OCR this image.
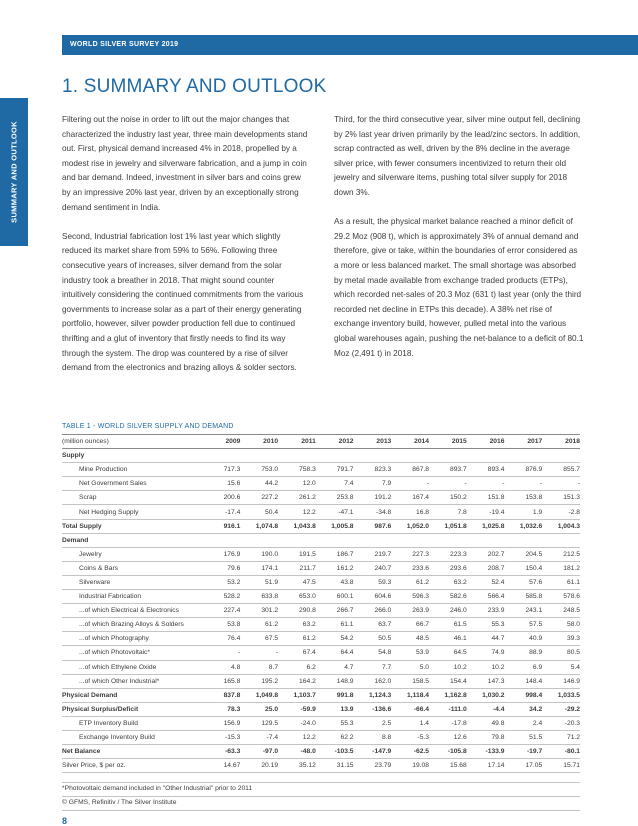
SUMMARY AND OUTLOOK
WORLD SILVER SURVEY 2019
1. SUMMARY AND OUTLOOK

Filtering out the noise in order to lift out the major changes that characterized the industry last year, three main developments stand out. First, physical demand increased 4% in 2018, propelled by a modest rise in jewelry and silverware fabrication, and a jump in coin and bar demand. Indeed, investment in silver bars and coins grew by an impressive 20% last year, driven by an exceptionally strong demand sentiment in India.

Second, Industrial fabrication lost 1% last year which slightly reduced its market share from 59% to 56%. Following three consecutive years of increases, silver demand from the solar industry took a breather in 2018. That might sound counter intuitively considering the continued commitments from the various governments to increase solar as a part of their energy generating portfolio, however, silver powder production fell due to continued thrifting and a glut of inventory that firstly needs to find its way through the system. The drop was countered by a rise of silver demand from the electronics and brazing alloys & solder sectors.

Third, for the third consecutive year, silver mine output fell, declining by 2% last year driven primarily by the lead/zinc sectors. In addition, scrap contracted as well, driven by the 8% decline in the average silver price, with fewer consumers incentivized to return their old jewelry and silverware items, pushing total silver supply for 2018 down 3%.

As a result, the physical market balance reached a minor deficit of 29.2 Moz (908 t), which is approximately 3% of annual demand and therefore, give or take, within the boundaries of error considered as a more or less balanced market. The small shortage was absorbed by metal made available from exchange traded products (ETPs), which recorded net-sales of 20.3 Moz (631 t) last year (only the third recorded net decline in ETPs this decade). A 38% net rise of exchange inventory build, however, pulled metal into the various global warehouses again, pushing the net-balance to a deficit of 80.1 Moz (2,491 t) in 2018.

TABLE 1 - WORLD SILVER SUPPLY AND DEMAND
(million ounces)	2009	2010	2011	2012	2013	2014	2015	2016	2017	2018
Supply										
Mine Production	717.3	753.0	758.3	791.7	823.3	867.8	893.7	893.4	876.9	855.7
Net Government Sales	15.6	44.2	12.0	7.4	7.9	-	-	-	-	-
Scrap	200.6	227.2	261.2	253.8	191.2	167.4	150.2	151.8	153.8	151.3
Net Hedging Supply	-17.4	50.4	12.2	-47.1	-34.8	16.8	7.8	-19.4	1.9	-2.8
Total Supply	916.1	1,074.8	1,043.8	1,005.8	987.6	1,052.0	1,051.8	1,025.8	1,032.6	1,004.3
Demand										
Jewelry	176.9	190.0	191.5	186.7	219.7	227.3	223.3	202.7	204.5	212.5
Coins & Bars	79.6	174.1	211.7	161.2	240.7	233.6	293.6	208.7	150.4	181.2
Silverware	53.2	51.9	47.5	43.8	59.3	61.2	63.2	52.4	57.6	61.1
Industrial Fabrication	528.2	633.8	653.0	600.1	604.6	596.3	582.6	566.4	585.8	578.6
...of which Electrical & Electronics	227.4	301.2	290.8	266.7	266.0	263.9	246.0	233.9	243.1	248.5
...of which Brazing Alloys & Solders	53.8	61.2	63.2	61.1	63.7	66.7	61.5	55.3	57.5	58.0
...of which Photography	76.4	67.5	61.2	54.2	50.5	48.5	46.1	44.7	40.9	39.3
...of which Photovoltaic*	-	-	67.4	64.4	54.8	53.9	64.5	74.9	88.9	80.5
...of which Ethylene Oxide	4.8	8.7	6.2	4.7	7.7	5.0	10.2	10.2	6.9	5.4
...of which Other Industrial*	165.8	195.2	164.2	148.9	162.0	158.5	154.4	147.3	148.4	146.9
Physical Demand	837.8	1,049.8	1,103.7	991.8	1,124.3	1,118.4	1,162.8	1,030.2	998.4	1,033.5
Physical Surplus/Deficit	78.3	25.0	-59.9	13.9	-136.6	-66.4	-111.0	-4.4	34.2	-29.2
ETP Inventory Build	156.9	129.5	-24.0	55.3	2.5	1.4	-17.8	49.8	2.4	-20.3
Exchange Inventory Build	-15.3	-7.4	12.2	62.2	8.8	-5.3	12.6	79.8	51.5	71.2
Net Balance	-63.3	-97.0	-48.0	-103.5	-147.9	-62.5	-105.8	-133.9	-19.7	-80.1
Silver Price, $ per oz.	14.67	20.19	35.12	31.15	23.79	19.08	15.68	17.14	17.05	15.71
*Photovoltaic demand included in "Other Industrial" prior to 2011
© GFMS, Refinitiv / The Silver Institute
8
